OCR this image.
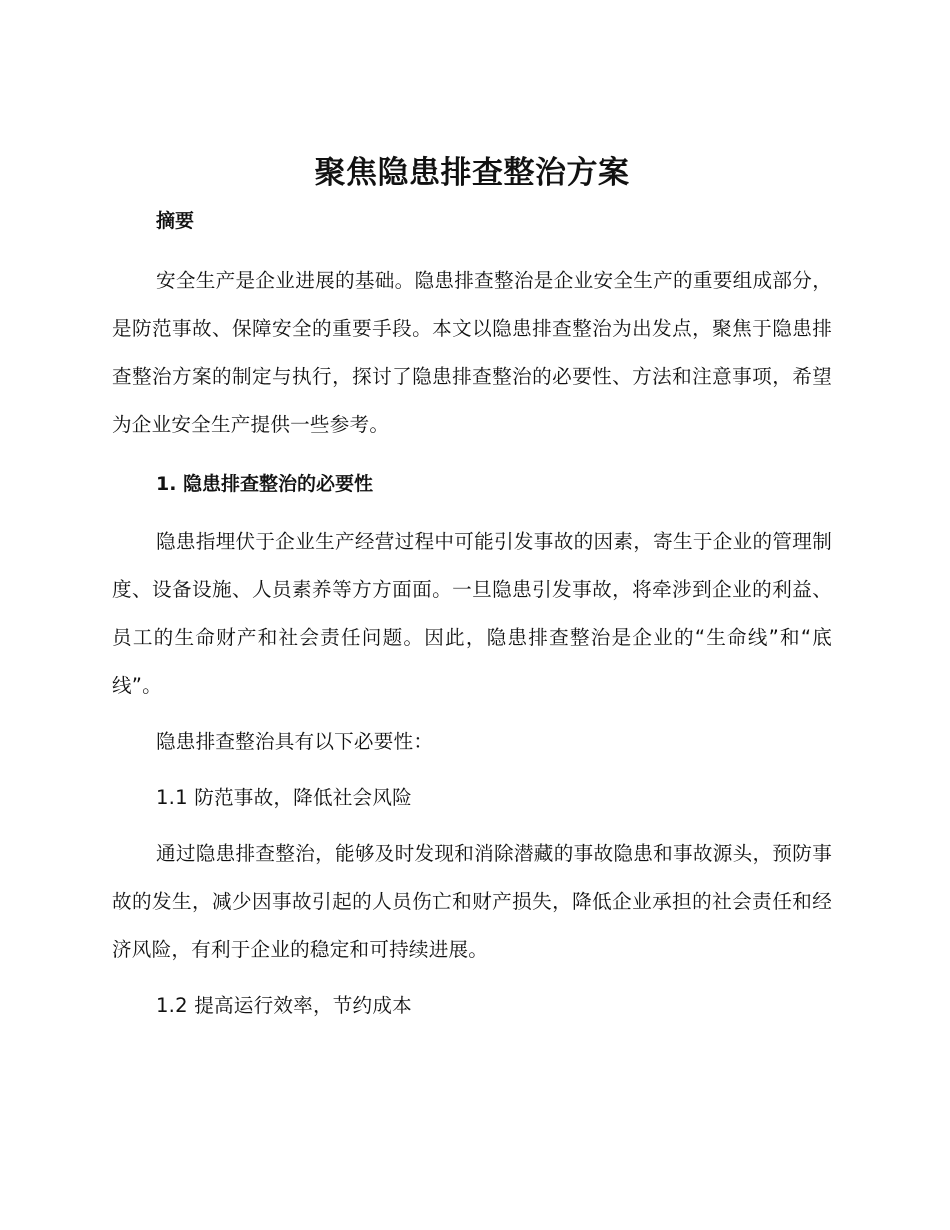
聚焦隐患排查整治方案

摘要

安全生产是企业进展的基础。隐患排查整治是企业安全生产的重要组成部分，是防范事故、保障安全的重要手段。本文以隐患排查整治为出发点，聚焦于隐患排查整治方案的制定与执行，探讨了隐患排查整治的必要性、方法和注意事项，希望为企业安全生产提供一些参考。

1. 隐患排查整治的必要性

隐患指埋伏于企业生产经营过程中可能引发事故的因素，寄生于企业的管理制度、设备设施、人员素养等方方面面。一旦隐患引发事故，将牵涉到企业的利益、员工的生命财产和社会责任问题。因此，隐患排查整治是企业的“生命线”和“底线”。

隐患排查整治具有以下必要性：

1.1 防范事故，降低社会风险

通过隐患排查整治，能够及时发现和消除潜藏的事故隐患和事故源头，预防事故的发生，减少因事故引起的人员伤亡和财产损失，降低企业承担的社会责任和经济风险，有利于企业的稳定和可持续进展。

1.2 提高运行效率，节约成本
